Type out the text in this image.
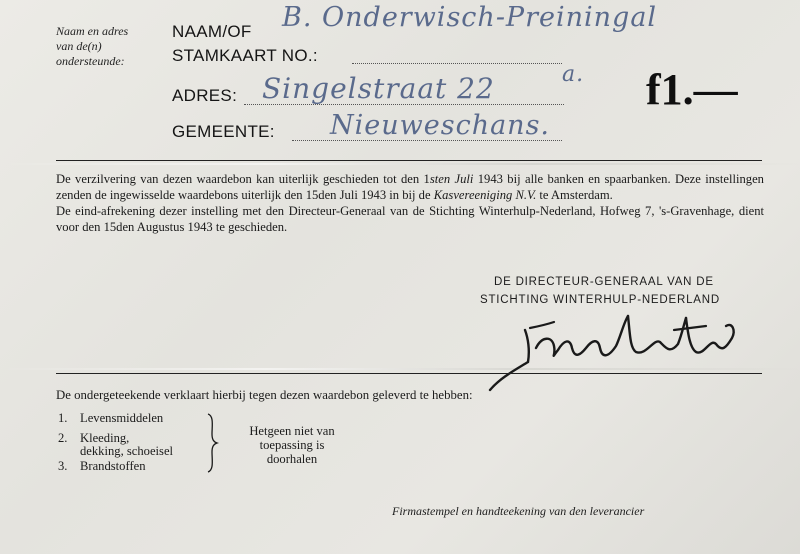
Naam en adres
van de(n)
ondersteunde:
NAAM/OF
STAMKAART NO.:
ADRES:
GEMEENTE:
B. Onderwisch-Preiningal
Singelstraat 22	a.
Nieuweschans.
f1.—

De verzilvering van dezen waardebon kan uiterlijk geschieden tot den 1sten Juli 1943 bij alle banken en spaarbanken. Deze instellingen zenden de ingewisselde waardebons uiterlijk den 15den Juli 1943 in bij de Kasvereeniging N.V. te Amsterdam.

De eind-afrekening dezer instelling met den Directeur-Generaal van de Stichting Winterhulp-Nederland, Hofweg 7, 's-Gravenhage, dient voor den 15den Augustus 1943 te geschieden.

DE DIRECTEUR-GENERAAL VAN DE
STICHTING WINTERHULP-NEDERLAND
De ondergeteekende verklaart hierbij tegen dezen waardebon geleverd te hebben:
1. Levensmiddelen
2. Kleeding,
dekking, schoeisel
3. Brandstoffen
Hetgeen niet van
toepassing is
doorhalen
Firmastempel en handteekening van den leverancier
